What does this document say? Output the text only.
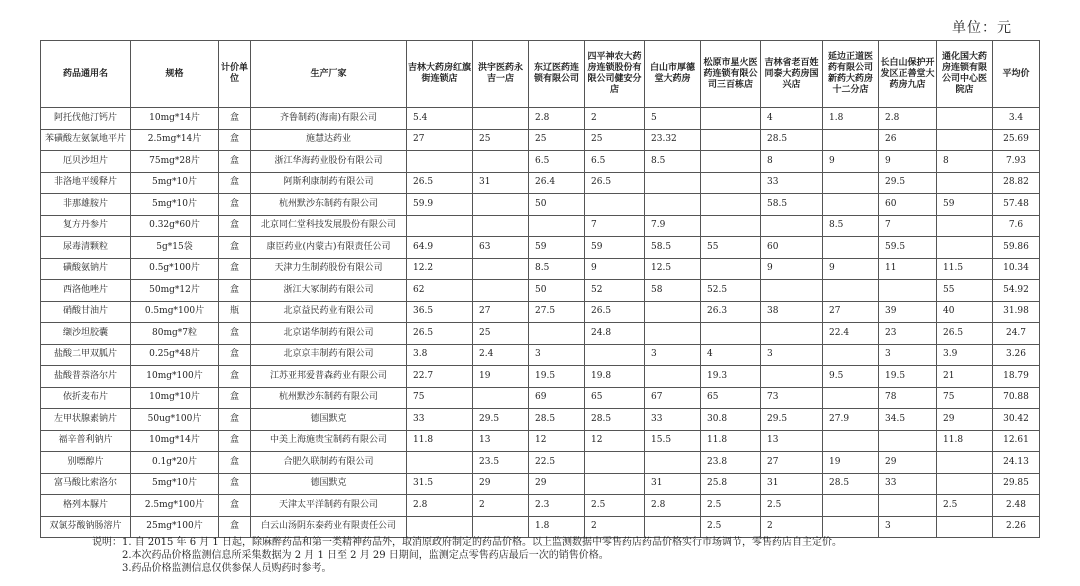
单位：元
药品通用名	规格	计价单位	生产厂家	吉林大药房红旗街连锁店	洪宇医药永吉一店	东辽医药连锁有限公司	四平神农大药房连锁股份有限公司健安分店	白山市厚德堂大药房	松原市星火医药连锁有限公司三百栋店	吉林省老百姓同泰大药房国兴店	延边正道医药有限公司新药大药房十二分店	长白山保护开发区正善堂大药房九店	通化国大药房连锁有限公司中心医院店	平均价
阿托伐他汀钙片	10mg*14片	盒	齐鲁制药(海南)有限公司	5.4		2.8	2	5		4	1.8	2.8		3.4
苯磺酸左氨氯地平片	2.5mg*14片	盒	施慧达药业	27	25	25	25	23.32		28.5		26		25.69
厄贝沙坦片	75mg*28片	盒	浙江华海药业股份有限公司			6.5	6.5	8.5		8	9	9	8	7.93
非洛地平缓释片	5mg*10片	盒	阿斯利康制药有限公司	26.5	31	26.4	26.5			33		29.5		28.82
非那雄胺片	5mg*10片	盒	杭州默沙东制药有限公司	59.9		50				58.5		60	59	57.48
复方丹参片	0.32g*60片	盒	北京同仁堂科技发展股份有限公司				7	7.9			8.5	7		7.6
尿毒清颗粒	5g*15袋	盒	康臣药业(内蒙古)有限责任公司	64.9	63	59	59	58.5	55	60		59.5		59.86
磺酸氨钠片	0.5g*100片	盒	天津力生制药股份有限公司	12.2		8.5	9	12.5		9	9	11	11.5	10.34
西洛他唑片	50mg*12片	盒	浙江大冢制药有限公司	62		50	52	58	52.5				55	54.92
硝酸甘油片	0.5mg*100片	瓶	北京益民药业有限公司	36.5	27	27.5	26.5		26.3	38	27	39	40	31.98
缬沙坦胶囊	80mg*7粒	盒	北京诺华制药有限公司	26.5	25		24.8				22.4	23	26.5	24.7
盐酸二甲双胍片	0.25g*48片	盒	北京京丰制药有限公司	3.8	2.4	3		3	4	3		3	3.9	3.26
盐酸普萘洛尔片	10mg*100片	盒	江苏亚邦爱普森药业有限公司	22.7	19	19.5	19.8		19.3		9.5	19.5	21	18.79
依折麦布片	10mg*10片	盒	杭州默沙东制药有限公司	75		69	65	67	65	73		78	75	70.88
左甲状腺素钠片	50ug*100片	盒	德国默克	33	29.5	28.5	28.5	33	30.8	29.5	27.9	34.5	29	30.42
福辛普利钠片	10mg*14片	盒	中美上海施贵宝制药有限公司	11.8	13	12	12	15.5	11.8	13			11.8	12.61
别嘌醇片	0.1g*20片	盒	合肥久联制药有限公司		23.5	22.5			23.8	27	19	29		24.13
富马酸比索洛尔	5mg*10片	盒	德国默克	31.5	29	29		31	25.8	31	28.5	33		29.85
格列本脲片	2.5mg*100片	盒	天津太平洋制药有限公司	2.8	2	2.3	2.5	2.8	2.5	2.5			2.5	2.48
双氯芬酸钠肠溶片	25mg*100片	盒	白云山汤阴东泰药业有限责任公司			1.8	2		2.5	2		3		2.26
说明：1. 自 2015 年 6 月 1 日起，除麻醉药品和第一类精神药品外，取消原政府制定的药品价格。以上监测数据中零售药店药品价格实行市场调节，零售药店自主定价。
2.本次药品价格监测信息所采集数据为 2 月 1 日至 2 月 29 日期间，监测定点零售药店最后一次的销售价格。
3.药品价格监测信息仅供参保人员购药时参考。
